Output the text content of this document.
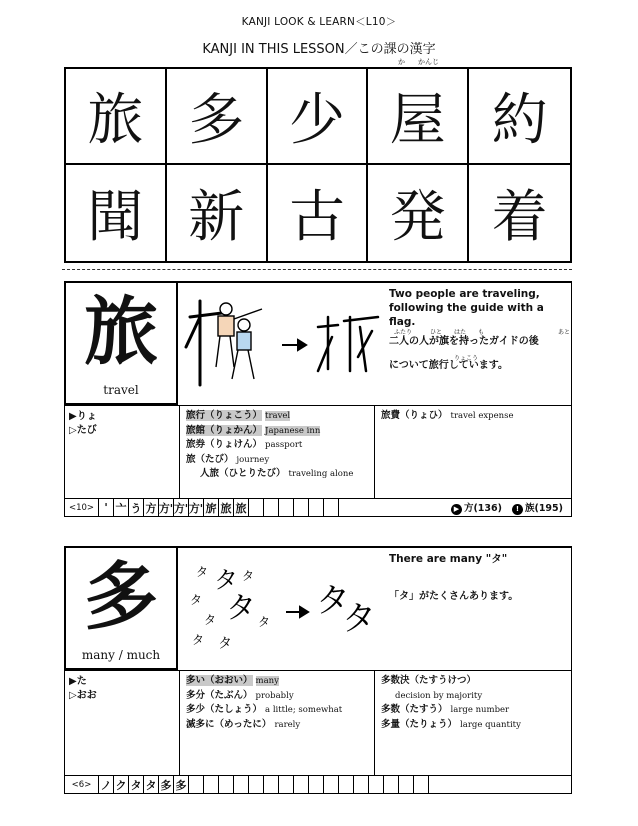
KANJI LOOK & LEARN＜L10＞
KANJI IN THIS LESSON／この課の漢字
か かんじ
旅 多 少 屋 約
聞 新 古 発 着
旅
travel
Two people are traveling,
following the guide with a flag.
ふたり	ひと はた も	あと
二人の人が旗を持ったガイドの後
りょこう
について旅行しています。
▶りょ
▷たび
旅行（りょこう） travel
旅館（りょかん） Japanese inn
旅券（りょけん） passport
旅（たび） journey
人旅（ひとりたび） traveling alone
旅費（りょひ） travel expense
<10> ' 亠 う 方 方' 方' 方' 旂 旅 旅	▶ 方(136)	! 族(195)
多
many / much
タ タ タ
タ タ
タ	タ
タ タ
タ
タ
There are many "タ"
「タ」がたくさんあります。
▶た
▷おお
多い（おおい） many
多分（たぶん） probably
多少（たしょう） a little; somewhat
滅多に（めったに） rarely
多数決（たすうけつ）
decision by majority
多数（たすう） large number
多量（たりょう） large quantity
<6> ノ ク タ タ 多 多
